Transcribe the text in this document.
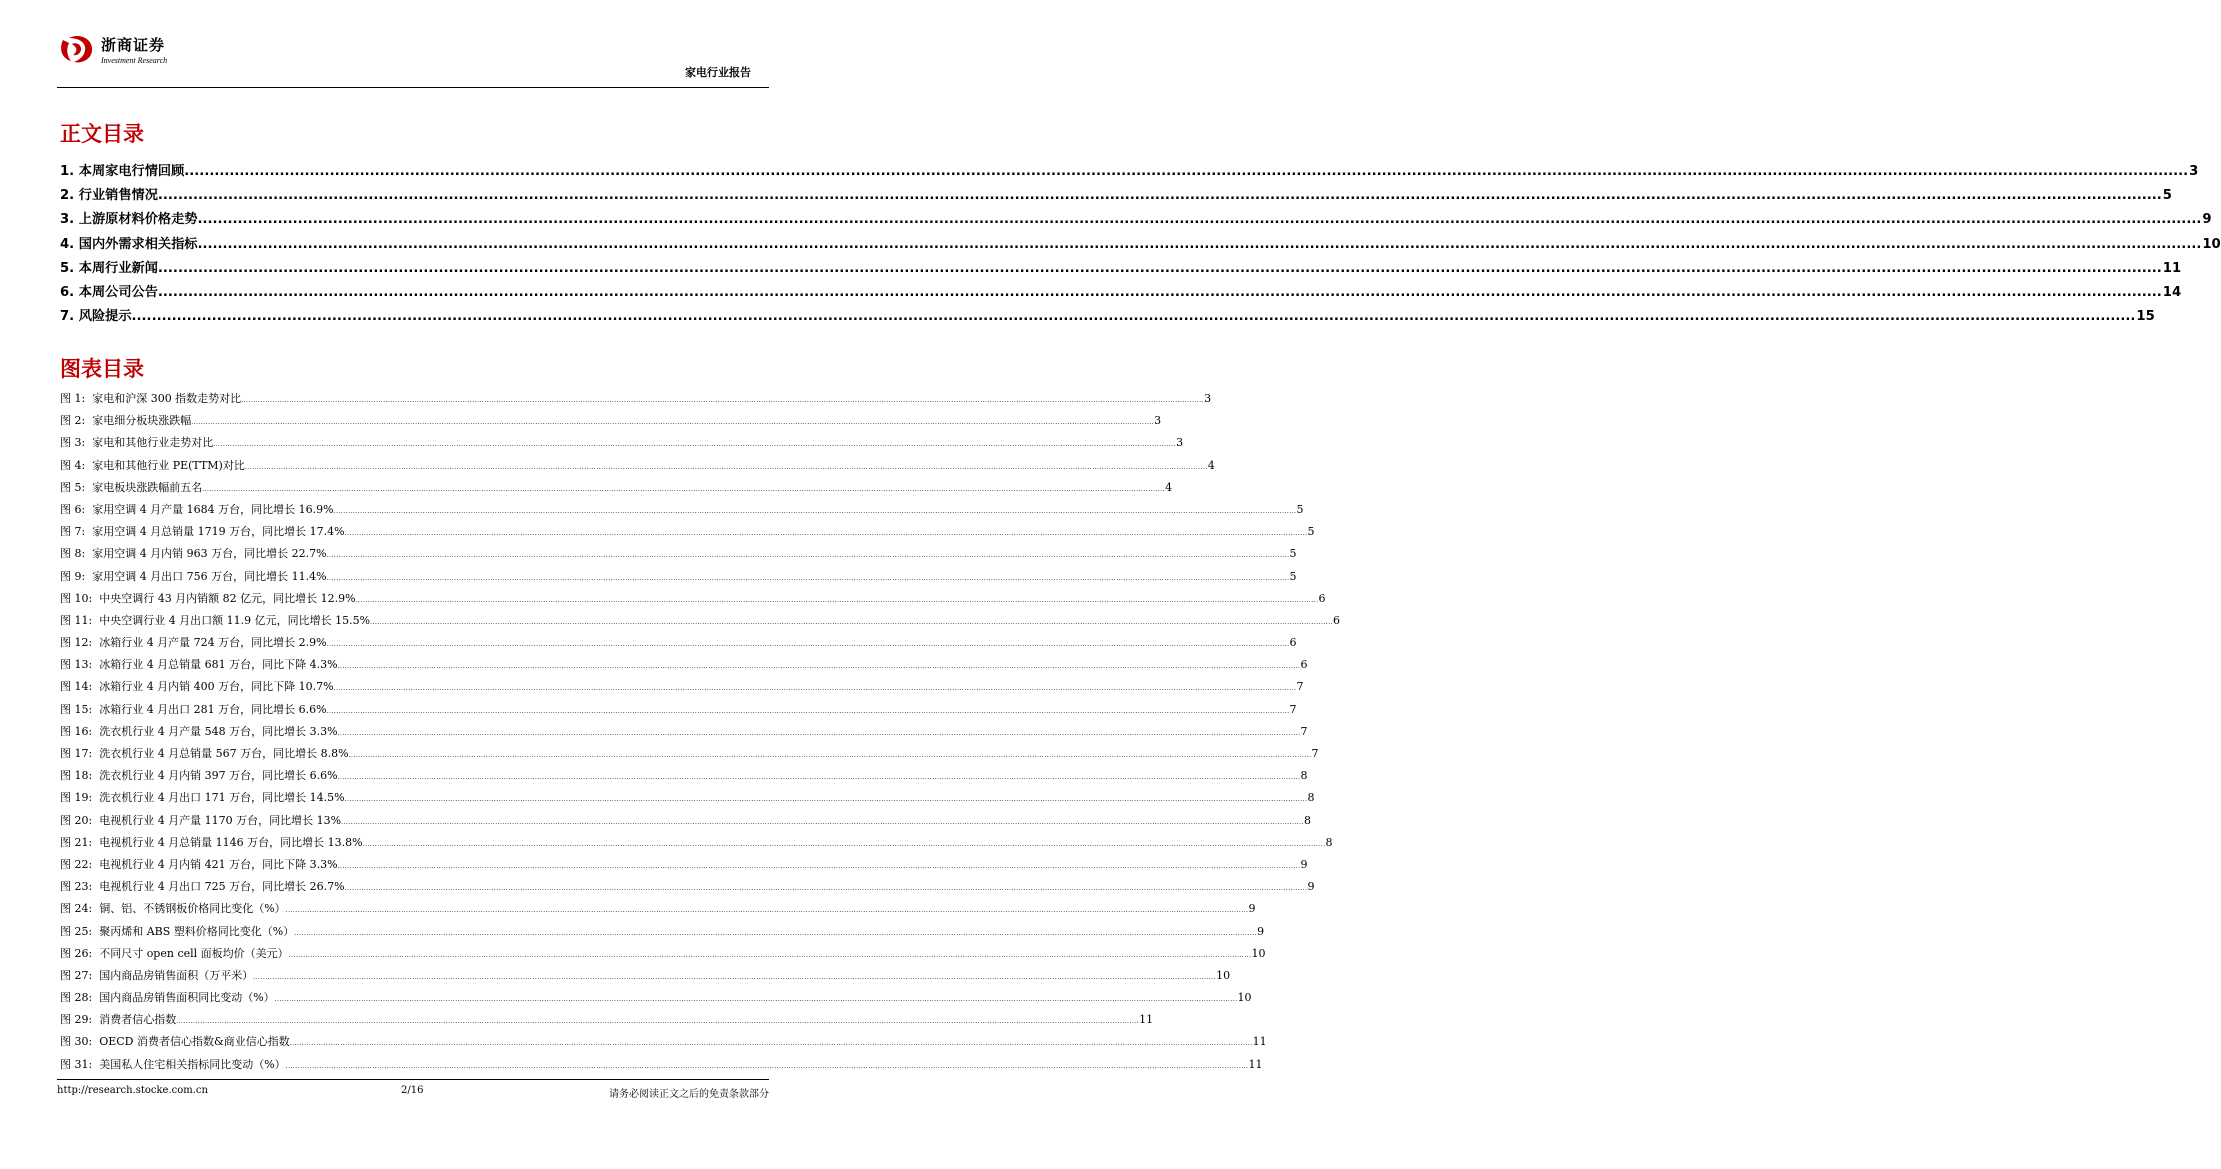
浙商证券
Investment Research
家电行业报告
正文目录
1. 本周家电行情回顾 ................................................................................................................................................................................................................................................................................................................................................................................................................ 3
2. 行业销售情况 ................................................................................................................................................................................................................................................................................................................................................................................................................ 5
3. 上游原材料价格走势 ................................................................................................................................................................................................................................................................................................................................................................................................................ 9
4. 国内外需求相关指标 ................................................................................................................................................................................................................................................................................................................................................................................................................ 10
5. 本周行业新闻 ................................................................................................................................................................................................................................................................................................................................................................................................................ 11
6. 本周公司公告 ................................................................................................................................................................................................................................................................................................................................................................................................................ 14
7. 风险提示 ................................................................................................................................................................................................................................................................................................................................................................................................................ 15
图表目录
图 1:  家电和沪深 300 指数走势对比 ................................................................................................................................................................................................................................................................................................................................................................................................................ 3
图 2:  家电细分板块涨跌幅 ................................................................................................................................................................................................................................................................................................................................................................................................................ 3
图 3:  家电和其他行业走势对比 ................................................................................................................................................................................................................................................................................................................................................................................................................ 3
图 4:  家电和其他行业 PE(TTM)对比 ................................................................................................................................................................................................................................................................................................................................................................................................................ 4
图 5:  家电板块涨跌幅前五名 ................................................................................................................................................................................................................................................................................................................................................................................................................ 4
图 6:  家用空调 4 月产量 1684 万台，同比增长 16.9% ................................................................................................................................................................................................................................................................................................................................................................................................................ 5
图 7:  家用空调 4 月总销量 1719 万台，同比增长 17.4% ................................................................................................................................................................................................................................................................................................................................................................................................................ 5
图 8:  家用空调 4 月内销 963 万台，同比增长 22.7% ................................................................................................................................................................................................................................................................................................................................................................................................................ 5
图 9:  家用空调 4 月出口 756 万台，同比增长 11.4% ................................................................................................................................................................................................................................................................................................................................................................................................................ 5
图 10:  中央空调行 43 月内销额 82 亿元，同比增长 12.9% ................................................................................................................................................................................................................................................................................................................................................................................................................ 6
图 11:  中央空调行业 4 月出口额 11.9 亿元，同比增长 15.5% ................................................................................................................................................................................................................................................................................................................................................................................................................ 6
图 12:  冰箱行业 4 月产量 724 万台，同比增长 2.9% ................................................................................................................................................................................................................................................................................................................................................................................................................ 6
图 13:  冰箱行业 4 月总销量 681 万台，同比下降 4.3% ................................................................................................................................................................................................................................................................................................................................................................................................................ 6
图 14:  冰箱行业 4 月内销 400 万台，同比下降 10.7% ................................................................................................................................................................................................................................................................................................................................................................................................................ 7
图 15:  冰箱行业 4 月出口 281 万台，同比增长 6.6% ................................................................................................................................................................................................................................................................................................................................................................................................................ 7
图 16:  洗衣机行业 4 月产量 548 万台，同比增长 3.3% ................................................................................................................................................................................................................................................................................................................................................................................................................ 7
图 17:  洗衣机行业 4 月总销量 567 万台，同比增长 8.8% ................................................................................................................................................................................................................................................................................................................................................................................................................ 7
图 18:  洗衣机行业 4 月内销 397 万台，同比增长 6.6% ................................................................................................................................................................................................................................................................................................................................................................................................................ 8
图 19:  洗衣机行业 4 月出口 171 万台，同比增长 14.5% ................................................................................................................................................................................................................................................................................................................................................................................................................ 8
图 20:  电视机行业 4 月产量 1170 万台，同比增长 13% ................................................................................................................................................................................................................................................................................................................................................................................................................ 8
图 21:  电视机行业 4 月总销量 1146 万台，同比增长 13.8% ................................................................................................................................................................................................................................................................................................................................................................................................................ 8
图 22:  电视机行业 4 月内销 421 万台，同比下降 3.3% ................................................................................................................................................................................................................................................................................................................................................................................................................ 9
图 23:  电视机行业 4 月出口 725 万台，同比增长 26.7% ................................................................................................................................................................................................................................................................................................................................................................................................................ 9
图 24:  铜、铝、不锈钢板价格同比变化（%） ................................................................................................................................................................................................................................................................................................................................................................................................................ 9
图 25:  聚丙烯和 ABS 塑料价格同比变化（%） ................................................................................................................................................................................................................................................................................................................................................................................................................ 9
图 26:  不同尺寸 open cell 面板均价（美元） ................................................................................................................................................................................................................................................................................................................................................................................................................ 10
图 27:  国内商品房销售面积（万平米） ................................................................................................................................................................................................................................................................................................................................................................................................................ 10
图 28:  国内商品房销售面积同比变动（%） ................................................................................................................................................................................................................................................................................................................................................................................................................ 10
图 29:  消费者信心指数 ................................................................................................................................................................................................................................................................................................................................................................................................................ 11
图 30:  OECD 消费者信心指数&商业信心指数 ................................................................................................................................................................................................................................................................................................................................................................................................................ 11
图 31:  美国私人住宅相关指标同比变动（%） ................................................................................................................................................................................................................................................................................................................................................................................................................ 11
http://research.stocke.com.cn	2/16	请务必阅读正文之后的免责条款部分
